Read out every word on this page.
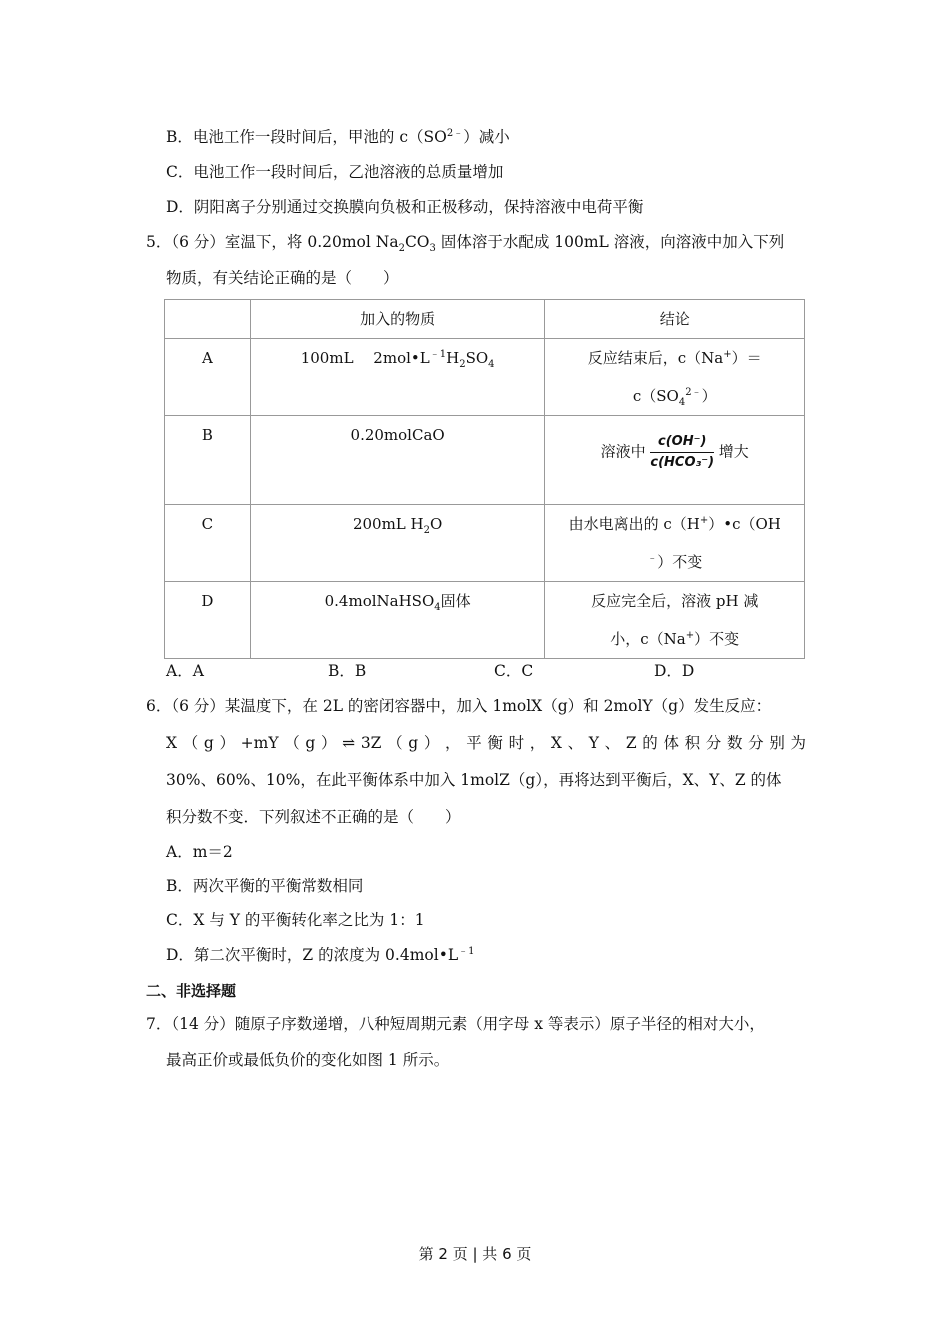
B．电池工作一段时间后，甲池的 $c(SO^{2﹣})$减小
C．电池工作一段时间后，乙池溶液的总质量增加
D．阴阳离子分别通过交换膜向负极和正极移动，保持溶液中电荷平衡
5．（6 分）室温下，将 0.20mol $Na_2CO_3$ 固体溶于水配成 100mL 溶液，向溶液中加入下列
物质，有关结论正确的是（　　）
	加入的物质	结论
A	100mL　 $2mol•L^{﹣1}H_2SO_4$	反应结束后，c（Na+）＝
$c(SO_4^{2﹣})$

B	0.20molCaO	溶液中 $\frac{c(OH^-)}{\text{c(HCO₃⁻)}}$ 增大
C	200mL $H_2O$	由水电离出的 c（H+）•c（OH
﹣）不变

D	0.4molNaHSO$_4$固体	反应完全后，溶液 pH 减
小，c（Na+）不变
A．A	B．B	C．C	D．D
6．（6 分）某温度下，在 2L 的密闭容器中，加入 1molX（g）和 2molY（g）发生反应：
X （ g ） +mY （ g ） ⇌ 3Z （ g ） ， 平 衡 时 ， X 、 Y 、 Z 的 体 积 分 数 分 别 为
30%、60%、10%，在此平衡体系中加入 1molZ（g），再将达到平衡后，X、Y、Z 的体
积分数不变．下列叙述不正确的是（　　）
A．m＝2
B．两次平衡的平衡常数相同
C．X 与 Y 的平衡转化率之比为 1：1
D．第二次平衡时，Z 的浓度为 $0.4mol•L^{﹣1}$
二、非选择题
7．（14 分）随原子序数递增，八种短周期元素（用字母 x 等表示）原子半径的相对大小，
最高正价或最低负价的变化如图 1 所示。
第 2 页 | 共 6 页
